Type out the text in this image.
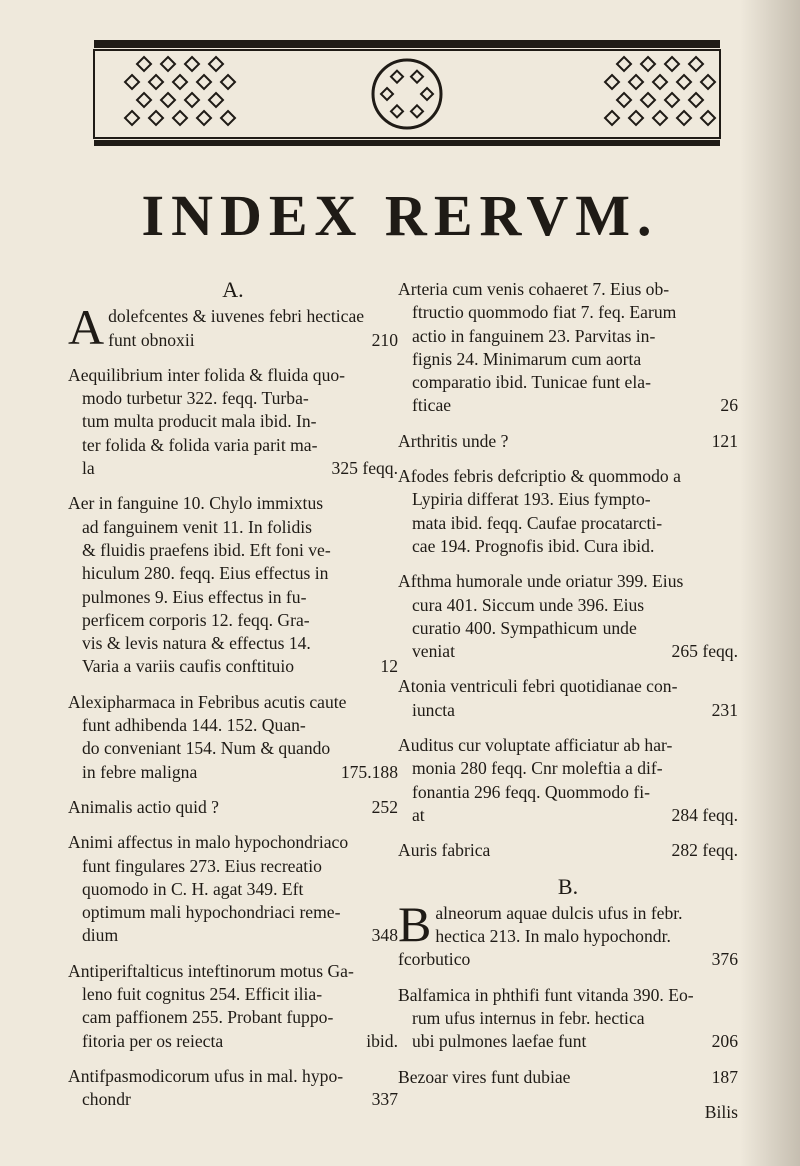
INDEX RERVM.
A.
Adolefcentes & iuvenes febri hecticae
funt obnoxii	210
Aequilibrium inter folida & fluida quo-
modo turbetur 322. feqq. Turba-
tum multa producit mala ibid. In-
ter folida & folida varia parit ma-
la	325 feqq.
Aer in fanguine 10. Chylo immixtus
ad fanguinem venit 11. In folidis
& fluidis praefens ibid. Eft foni ve-
hiculum 280. feqq. Eius effectus in
pulmones 9. Eius effectus in fu-
perficem corporis 12. feqq. Gra-
vis & levis natura & effectus 14.
Varia a variis caufis conftituio	12
Alexipharmaca in Febribus acutis caute
funt adhibenda 144. 152. Quan-
do conveniant 154. Num & quando
in febre maligna	175.188
Animalis actio quid ?	252
Animi affectus in malo hypochondriaco
funt fingulares 273. Eius recreatio
quomodo in C. H. agat 349. Eft
optimum mali hypochondriaci reme-
dium	348
Antiperiftalticus inteftinorum motus Ga-
leno fuit cognitus 254. Efficit ilia-
cam paffionem 255. Probant fuppo-
fitoria per os reiecta	ibid.
Antifpasmodicorum ufus in mal. hypo-
chondr	337
Arteria cum venis cohaeret 7. Eius ob-
ftructio quommodo fiat 7. feq. Earum
actio in fanguinem 23. Parvitas in-
fignis 24. Minimarum cum aorta
comparatio ibid. Tunicae funt ela-
fticae	26
Arthritis unde ?	121
Afodes febris defcriptio & quommodo a
Lypiria differat 193. Eius fympto-
mata ibid. feqq. Caufae procatarcti-
cae 194. Prognofis ibid. Cura ibid.
Afthma humorale unde oriatur 399. Eius
cura 401. Siccum unde 396. Eius
curatio 400. Sympathicum unde
veniat	265 feqq.
Atonia ventriculi febri quotidianae con-
iuncta	231
Auditus cur voluptate afficiatur ab har-
monia 280 feqq. Cnr moleftia a dif-
fonantia 296 feqq. Quommodo fi-
at	284 feqq.
Auris fabrica	282 feqq.
B.
Balneorum aquae dulcis ufus in febr.
hectica 213. In malo hypochondr.
fcorbutico	376
Balfamica in phthifi funt vitanda 390. Eo-
rum ufus internus in febr. hectica
ubi pulmones laefae funt	206
Bezoar vires funt dubiae	187
Bilis
